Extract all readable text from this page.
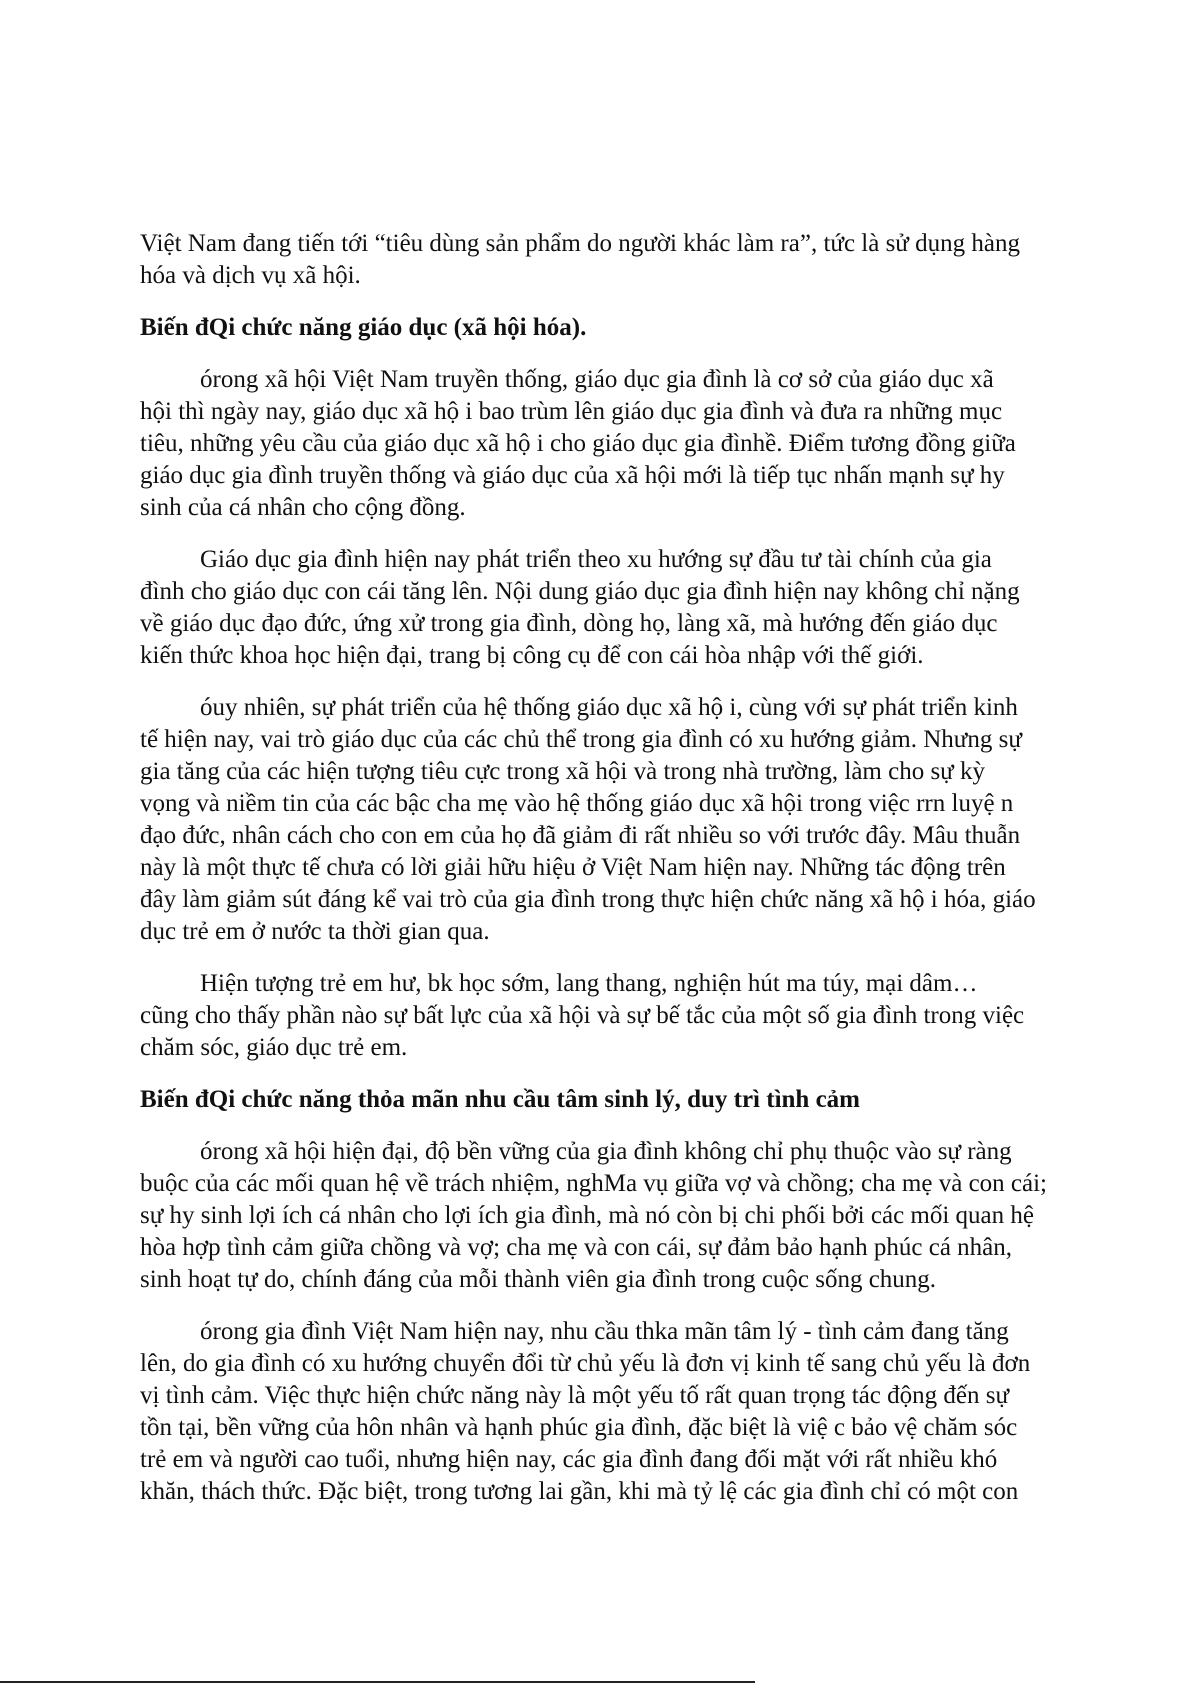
Việt Nam đang tiến tới “tiêu dùng sản phẩm do người khác làm ra”, tức là sử dụng hàng
hóa và dịch vụ xã hội.
Biến đQi chức năng giáo dục (xã hội hóa).
órong xã hội Việt Nam truyền thống, giáo dục gia đình là cơ sở của giáo dục xã
hội thì ngày nay, giáo dục xã hộ i bao trùm lên giáo dục gia đình và đưa ra những mục
tiêu, những yêu cầu của giáo dục xã hộ i cho giáo dục gia đìnhề. Điểm tương đồng giữa
giáo dục gia đình truyền thống và giáo dục của xã hội mới là tiếp tục nhấn mạnh sự hy
sinh của cá nhân cho cộng đồng.
Giáo dục gia đình hiện nay phát triển theo xu hướng sự đầu tư tài chính của gia
đình cho giáo dục con cái tăng lên. Nội dung giáo dục gia đình hiện nay không chỉ nặng
về giáo dục đạo đức, ứng xử trong gia đình, dòng họ, làng xã, mà hướng đến giáo dục
kiến thức khoa học hiện đại, trang bị công cụ để con cái hòa nhập với thế giới.
óuy nhiên, sự phát triển của hệ thống giáo dục xã hộ i, cùng với sự phát triển kinh
tế hiện nay, vai trò giáo dục của các chủ thể trong gia đình có xu hướng giảm. Nhưng sự
gia tăng của các hiện tượng tiêu cực trong xã hội và trong nhà trường, làm cho sự kỳ
vọng và niềm tin của các bậc cha mẹ vào hệ thống giáo dục xã hội trong việc rrn luyệ n
đạo đức, nhân cách cho con em của họ đã giảm đi rất nhiều so với trước đây. Mâu thuẫn
này là một thực tế chưa có lời giải hữu hiệu ở Việt Nam hiện nay. Những tác động trên
đây làm giảm sút đáng kể vai trò của gia đình trong thực hiện chức năng xã hộ i hóa, giáo
dục trẻ em ở nước ta thời gian qua.
Hiện tượng trẻ em hư, bk học sớm, lang thang, nghiện hút ma túy, mại dâm…
cũng cho thấy phần nào sự bất lực của xã hội và sự bế tắc của một số gia đình trong việc
chăm sóc, giáo dục trẻ em.
Biến đQi chức năng thỏa mãn nhu cầu tâm sinh lý, duy trì tình cảm
órong xã hội hiện đại, độ bền vững của gia đình không chỉ phụ thuộc vào sự ràng
buộc của các mối quan hệ về trách nhiệm, nghMa vụ giữa vợ và chồng; cha mẹ và con cái;
sự hy sinh lợi ích cá nhân cho lợi ích gia đình, mà nó còn bị chi phối bởi các mối quan hệ
hòa hợp tình cảm giữa chồng và vợ; cha mẹ và con cái, sự đảm bảo hạnh phúc cá nhân,
sinh hoạt tự do, chính đáng của mỗi thành viên gia đình trong cuộc sống chung.
órong gia đình Việt Nam hiện nay, nhu cầu thka mãn tâm lý - tình cảm đang tăng
lên, do gia đình có xu hướng chuyển đổi từ chủ yếu là đơn vị kinh tế sang chủ yếu là đơn
vị tình cảm. Việc thực hiện chức năng này là một yếu tố rất quan trọng tác động đến sự
tồn tại, bền vững của hôn nhân và hạnh phúc gia đình, đặc biệt là việ c bảo vệ chăm sóc
trẻ em và người cao tuổi, nhưng hiện nay, các gia đình đang đối mặt với rất nhiều khó
khăn, thách thức. Đặc biệt, trong tương lai gần, khi mà tỷ lệ các gia đình chỉ có một con
